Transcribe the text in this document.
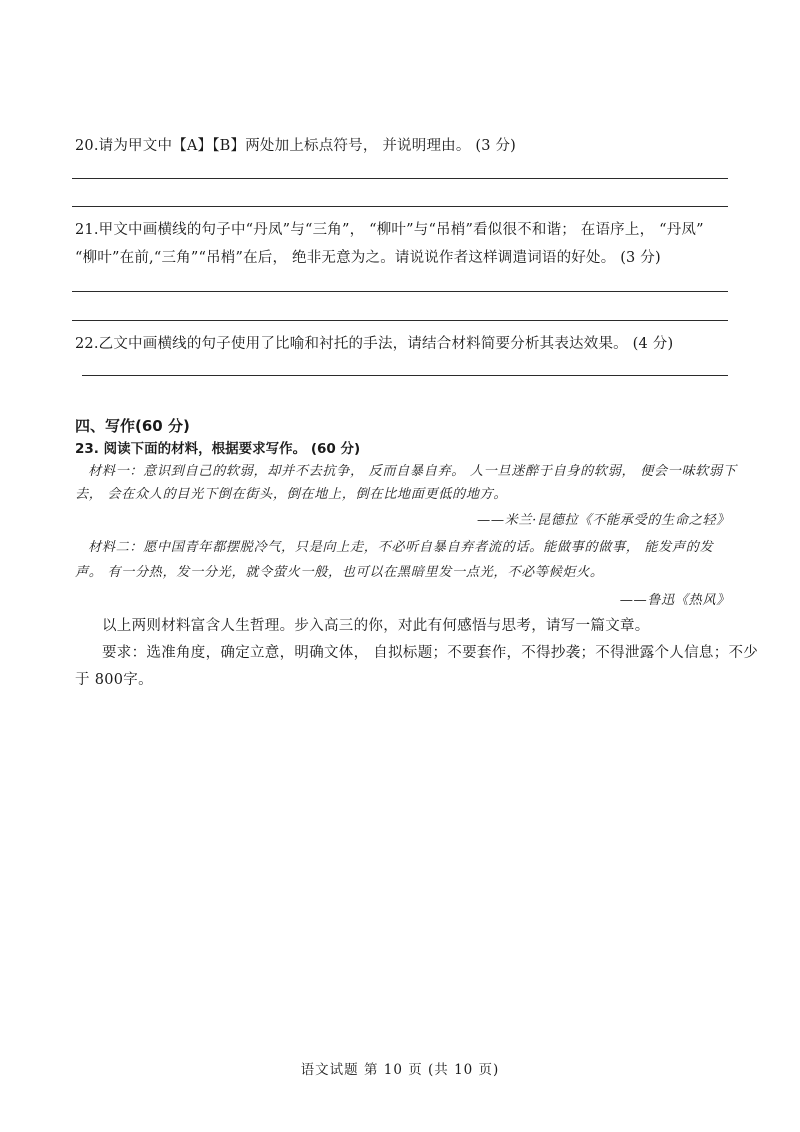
20.请为甲文中【A】【B】两处加上标点符号， 并说明理由。 (3 分)
21.甲文中画横线的句子中“丹凤”与“三角”， “柳叶”与“吊梢”看似很不和谐； 在语序上， “丹凤”
“柳叶”在前,“三角”“吊梢”在后， 绝非无意为之。请说说作者这样调遣词语的好处。 (3 分)
22.乙文中画横线的句子使用了比喻和衬托的手法，请结合材料简要分析其表达效果。 (4 分)
四、写作(60 分)
23. 阅读下面的材料，根据要求写作。 (60 分)
材料一：意识到自己的软弱，却并不去抗争， 反而自暴自弃。 人一旦迷醉于自身的软弱， 便会一味软弱下
去， 会在众人的目光下倒在街头，倒在地上，倒在比地面更低的地方。
——米兰·昆德拉《不能承受的生命之轻》
材料二：愿中国青年都摆脱冷气，只是向上走，不必听自暴自弃者流的话。能做事的做事， 能发声的发
声。 有一分热，发一分光，就令萤火一般，也可以在黑暗里发一点光，不必等候炬火。
——鲁迅《热风》
以上两则材料富含人生哲理。步入高三的你，对此有何感悟与思考，请写一篇文章。
要求：选准角度，确定立意，明确文体， 自拟标题；不要套作，不得抄袭；不得泄露个人信息；不少
于 800字。
语文试题 第 10 页 (共 10 页)
